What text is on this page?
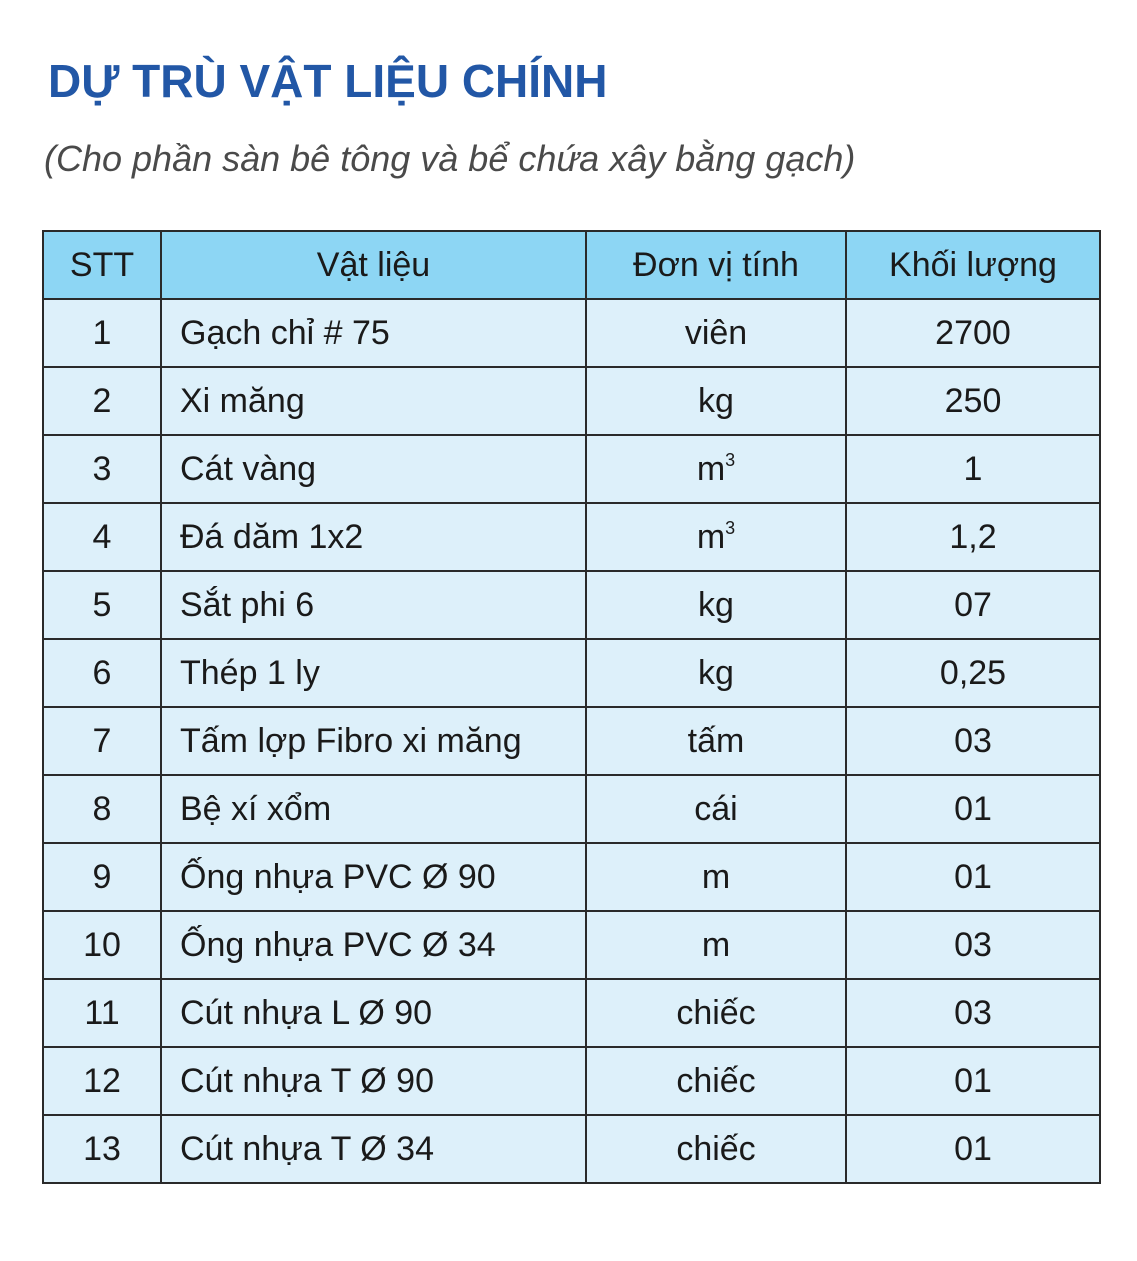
DỰ TRÙ VẬT LIỆU CHÍNH

(Cho phần sàn bê tông và bể chứa xây bằng gạch)

STT	Vật liệu	Đơn vị tính	Khối lượng
1	Gạch chỉ # 75	viên	2700
2	Xi măng	kg	250
3	Cát vàng	$m^3$	1
4	Đá dăm 1x2	$m^3$	1,2
5	Sắt phi 6	kg	07
6	Thép 1 ly	kg	0,25
7	Tấm lợp Fibro xi măng	tấm	03
8	Bệ xí xổm	cái	01
9	Ống nhựa PVC Ø 90	m	01
10	Ống nhựa PVC Ø 34	m	03
11	Cút nhựa L Ø 90	chiếc	03
12	Cút nhựa T Ø 90	chiếc	01
13	Cút nhựa T Ø 34	chiếc	01
